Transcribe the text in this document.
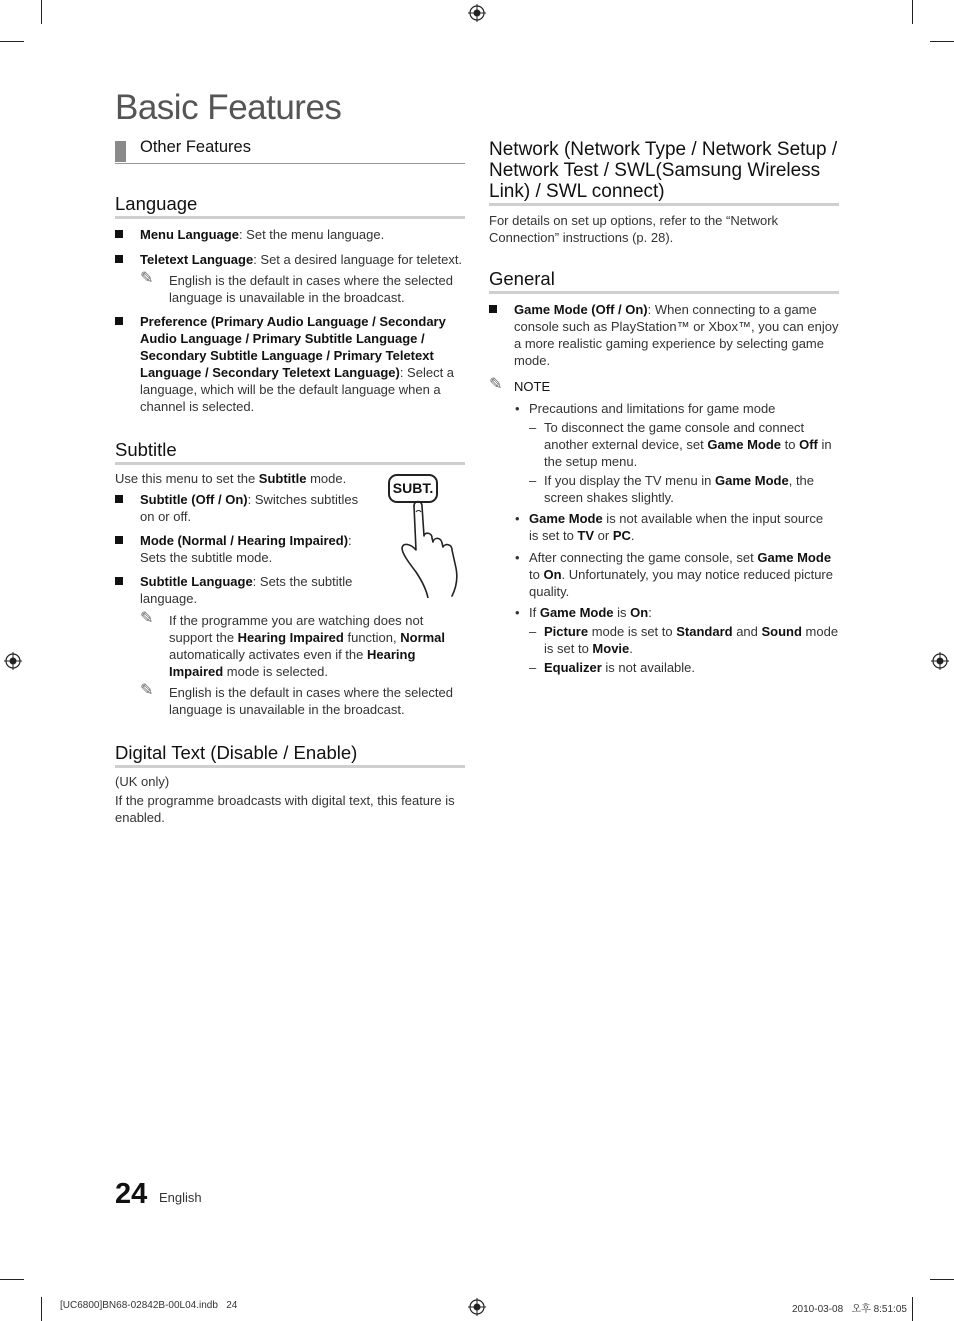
Basic Features
Other Features
Language
Menu Language: Set the menu language.
Teletext Language: Set a desired language for teletext.
✎ English is the default in cases where the selected language is unavailable in the broadcast.
Preference (Primary Audio Language / Secondary Audio Language / Primary Subtitle Language / Secondary Subtitle Language / Primary Teletext Language / Secondary Teletext Language): Select a language, which will be the default language when a channel is selected.
Subtitle
Use this menu to set the Subtitle mode.
SUBT.
Subtitle (Off / On): Switches subtitles on or off.
Mode (Normal / Hearing Impaired): Sets the subtitle mode.
Subtitle Language: Sets the subtitle language.
✎ If the programme you are watching does not support the Hearing Impaired function, Normal automatically activates even if the Hearing Impaired mode is selected.
✎ English is the default in cases where the selected language is unavailable in the broadcast.
Digital Text (Disable / Enable)
(UK only)
If the programme broadcasts with digital text, this feature is enabled.
Network (Network Type / Network Setup / Network Test / SWL(Samsung Wireless Link) / SWL connect)
For details on set up options, refer to the “Network Connection” instructions (p. 28).
General
Game Mode (Off / On): When connecting to a game console such as PlayStation™ or Xbox™, you can enjoy a more realistic gaming experience by selecting game mode.
✎ NOTE
• Precautions and limitations for game mode
– To disconnect the game console and connect another external device, set Game Mode to Off in the setup menu.
– If you display the TV menu in Game Mode, the screen shakes slightly.
• Game Mode is not available when the input source is set to TV or PC.
• After connecting the game console, set Game Mode to On. Unfortunately, you may notice reduced picture quality.
• If Game Mode is On:
– Picture mode is set to Standard and Sound mode is set to Movie.
– Equalizer is not available.
24 English
[UC6800]BN68-02842B-00L04.indb   24	2010-03-08   오후 8:51:05
